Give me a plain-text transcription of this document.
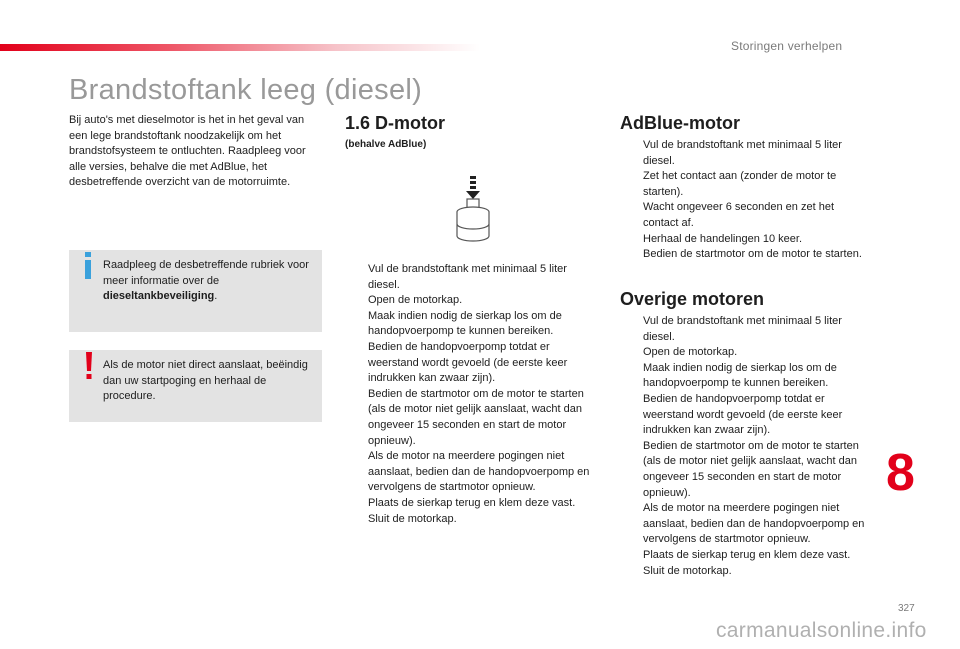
Storingen verhelpen
Brandstoftank leeg (diesel)

Bij auto's met dieselmotor is het in het geval van een lege brandstoftank noodzakelijk om het brandstofsysteem te ontluchten. Raadpleeg voor alle versies, behalve die met AdBlue, het desbetreffende overzicht van de motorruimte.

Raadpleeg de desbetreffende rubriek voor meer informatie over de dieseltankbeveiliging.
Als de motor niet direct aanslaat, beëindig dan uw startpoging en herhaal de procedure.
1.6 D-motor
(behalve AdBlue)
Vul de brandstoftank met minimaal 5 liter diesel.
Open de motorkap.
Maak indien nodig de sierkap los om de handopvoerpomp te kunnen bereiken.
Bedien de handopvoerpomp totdat er weerstand wordt gevoeld (de eerste keer indrukken kan zwaar zijn).
Bedien de startmotor om de motor te starten (als de motor niet gelijk aanslaat, wacht dan ongeveer 15 seconden en start de motor opnieuw).
Als de motor na meerdere pogingen niet aanslaat, bedien dan de handopvoerpomp en vervolgens de startmotor opnieuw.
Plaats de sierkap terug en klem deze vast.
Sluit de motorkap.
AdBlue-motor
Vul de brandstoftank met minimaal 5 liter diesel.
Zet het contact aan (zonder de motor te starten).
Wacht ongeveer 6 seconden en zet het contact af.
Herhaal de handelingen 10 keer.
Bedien de startmotor om de motor te starten.
Overige motoren
Vul de brandstoftank met minimaal 5 liter diesel.
Open de motorkap.
Maak indien nodig de sierkap los om de handopvoerpomp te kunnen bereiken.
Bedien de handopvoerpomp totdat er weerstand wordt gevoeld (de eerste keer indrukken kan zwaar zijn).
Bedien de startmotor om de motor te starten (als de motor niet gelijk aanslaat, wacht dan ongeveer 15 seconden en start de motor opnieuw).
Als de motor na meerdere pogingen niet aanslaat, bedien dan de handopvoerpomp en vervolgens de startmotor opnieuw.
Plaats de sierkap terug en klem deze vast.
Sluit de motorkap.
8
327
carmanualsonline.info
